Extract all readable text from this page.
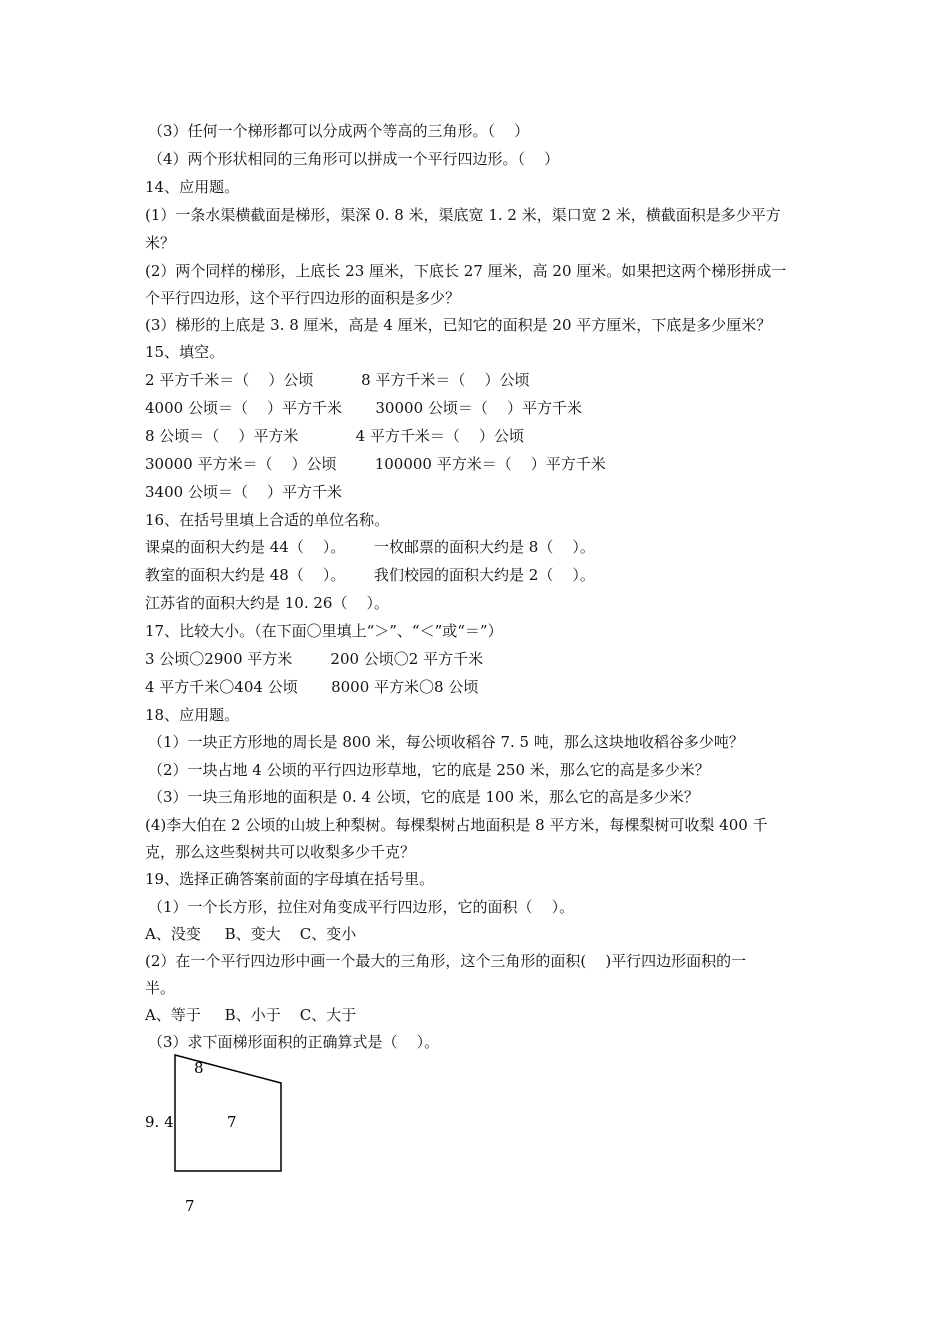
（3）任何一个梯形都可以分成两个等高的三角形。（    ）
（4）两个形状相同的三角形可以拼成一个平行四边形。（    ）
14、应用题。
(1）一条水渠横截面是梯形，渠深 0. 8 米，渠底宽 1. 2 米，渠口宽 2 米，横截面积是多少平方
米？
(2）两个同样的梯形，上底长 23 厘米，下底长 27 厘米，高 20 厘米。如果把这两个梯形拼成一
个平行四边形，这个平行四边形的面积是多少？
(3）梯形的上底是 3. 8 厘米，高是 4 厘米，已知它的面积是 20 平方厘米，下底是多少厘米？
15、填空。
2 平方千米＝（    ）公顷          8 平方千米＝（    ）公顷
4000 公顷＝（    ）平方千米       30000 公顷＝（    ）平方千米
8 公顷＝（    ）平方米            4 平方千米＝（    ）公顷
30000 平方米＝（    ）公顷        100000 平方米＝（    ）平方千米
3400 公顷＝（    ）平方千米
16、在括号里填上合适的单位名称。
课桌的面积大约是 44（    ）。      一枚邮票的面积大约是 8（    ）。
教室的面积大约是 48（    ）。      我们校园的面积大约是 2（    ）。
江苏省的面积大约是 10. 26（    ）。
17、比较大小。（在下面〇里填上“＞”、“＜”或“＝”）
3 公顷〇2900 平方米        200 公顷〇2 平方千米
4 平方千米〇404 公顷       8000 平方米〇8 公顷
18、应用题。
（1）一块正方形地的周长是 800 米，每公顷收稻谷 7. 5 吨，那么这块地收稻谷多少吨？
（2）一块占地 4 公顷的平行四边形草地，它的底是 250 米，那么它的高是多少米？
（3）一块三角形地的面积是 0. 4 公顷，它的底是 100 米，那么它的高是多少米？
(4)李大伯在 2 公顷的山坡上种梨树。每棵梨树占地面积是 8 平方米，每棵梨树可收梨 400 千
克，那么这些梨树共可以收梨多少千克？
19、选择正确答案前面的字母填在括号里。
（1）一个长方形，拉住对角变成平行四边形，它的面积（    ）。
A、没变     B、变大    C、变小
(2）在一个平行四边形中画一个最大的三角形，这个三角形的面积(    )平行四边形面积的一
半。
A、等于     B、小于    C、大于
（3）求下面梯形面积的正确算式是（    ）。
8
9. 4	7
7
